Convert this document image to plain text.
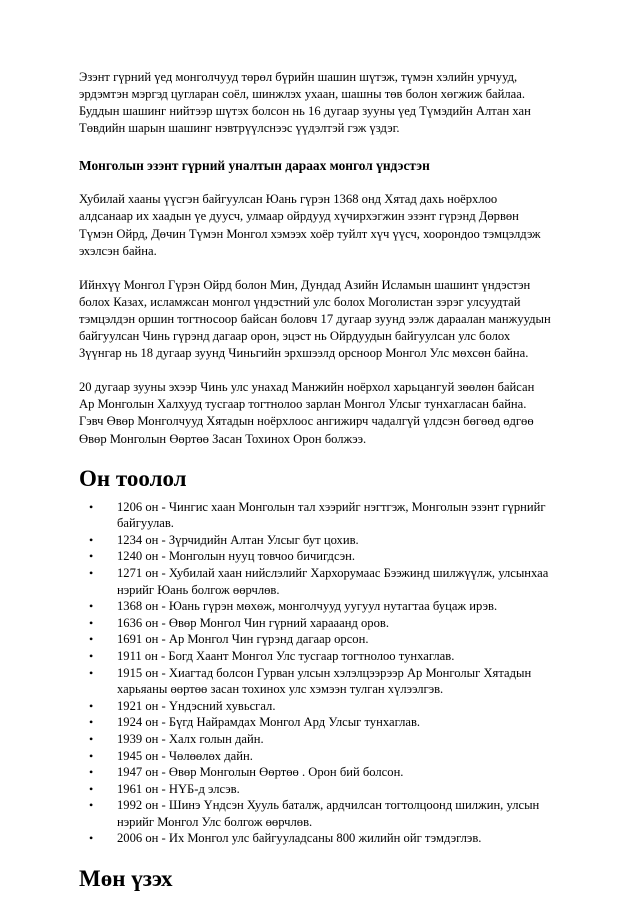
Эзэнт гүрний үед монголчууд төрөл бүрийн шашин шүтэж, түмэн хэлийн урчууд,
эрдэмтэн мэргэд цугларан соёл, шинжлэх ухаан, шашны төв болон хөгжиж байлаа.
Буддын шашинг нийтээр шүтэх болсон нь 16 дугаар зууны үед Түмэдийн Алтан хан
Төвдийн шарын шашинг нэвтрүүлснээс үүдэлтэй гэж үздэг.

Монголын эзэнт гүрний уналтын дараах монгол үндэстэн

Хубилай хааны үүсгэн байгуулсан Юань гүрэн 1368 онд Хятад дахь ноёрхлоо
алдсанаар их хаадын үе дуусч, улмаар ойрдууд хүчирхэгжин эзэнт гүрэнд Дөрвөн
Түмэн Ойрд, Дөчин Түмэн Монгол хэмээх хоёр туйлт хүч үүсч, хоорондоо тэмцэлдэж
эхэлсэн байна.

Ийнхүү Монгол Гүрэн Ойрд болон Мин, Дундад Азийн Исламын шашинт үндэстэн
болох Казах, исламжсан монгол үндэстний улс болох Моголистан зэрэг улсуудтай
тэмцэлдэн оршин тогтносоор байсан боловч 17 дугаар зуунд ээлж дараалан манжуудын
байгуулсан Чинь гүрэнд дагаар орон, эцэст нь Ойрдуудын байгуулсан улс болох
Зүүнгар нь 18 дугаар зуунд Чиньгийн эрхшээлд орсноор Монгол Улс мөхсөн байна.

20 дугаар зууны эхээр Чинь улс унахад Манжийн ноёрхол харьцангуй зөөлөн байсан
Ар Монголын Халхууд тусгаар тогтнолоо зарлан Монгол Улсыг тунхагласан байна.
Гэвч Өвөр Монголчууд Хятадын ноёрхлоос ангижирч чадалгүй үлдсэн бөгөөд өдгөө
Өвөр Монголын Өөртөө Засан Тохинох Орон болжээ.

Он тоолол
• 1206 он - Чингис хаан Монголын тал хээрийг нэгтгэж, Монголын эзэнт гүрнийг
байгуулав.
• 1234 он - Зүрчидийн Алтан Улсыг бут цохив.
• 1240 он - Монголын нууц товчоо бичигдсэн.
• 1271 он - Хубилай хаан нийслэлийг Хархорумаас Бээжинд шилжүүлж, улсынхаа
нэрийг Юань болгож өөрчлөв.
• 1368 он - Юань гүрэн мөхөж, монголчууд уугуул нутагтаа буцаж ирэв.
• 1636 он - Өвөр Монгол Чин гүрний харааанд оров.
• 1691 он - Ар Монгол Чин гүрэнд дагаар орсон.
• 1911 он - Богд Хаант Монгол Улс тусгаар тогтнолоо тунхаглав.
• 1915 он - Хиагтад болсон Гурван улсын хэлэлцээрээр Ар Монголыг Хятадын
харьяаны өөртөө засан тохинох улс хэмээн тулган хүлээлгэв.
• 1921 он - Үндэсний хувьсгал.
• 1924 он - Бүгд Найрамдах Монгол Ард Улсыг тунхаглав.
• 1939 он - Халх голын дайн.
• 1945 он - Чөлөөлөх дайн.
• 1947 он - Өвөр Монголын Өөртөө . Орон бий болсон.
• 1961 он - НҮБ-д элсэв.
• 1992 он - Шинэ Үндсэн Хууль баталж, ардчилсан тогтолцоонд шилжин, улсын
нэрийг Монгол Улс болгож өөрчлөв.
• 2006 он - Их Монгол улс байгууладсаны 800 жилийн ойг тэмдэглэв.
Мөн үзэх
